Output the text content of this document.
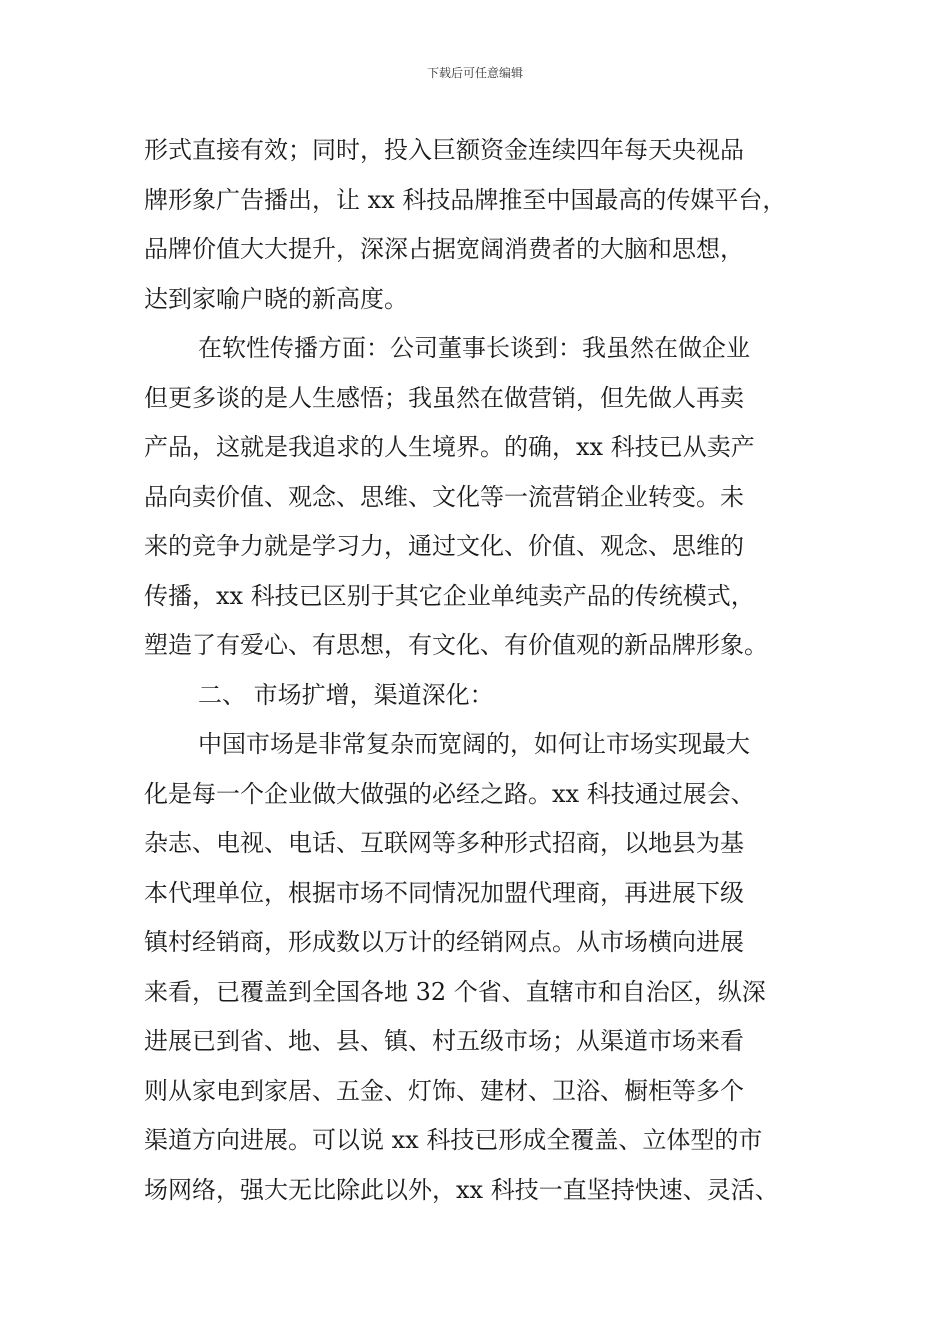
下载后可任意编辑
形式直接有效；同时，投入巨额资金连续四年每天央视品
牌形象广告播出，让 xx 科技品牌推至中国最高的传媒平台，
品牌价值大大提升，深深占据宽阔消费者的大脑和思想，
达到家喻户晓的新高度。
在软性传播方面：公司董事长谈到：我虽然在做企业
但更多谈的是人生感悟；我虽然在做营销，但先做人再卖
产品，这就是我追求的人生境界。的确，xx 科技已从卖产
品向卖价值、观念、思维、文化等一流营销企业转变。未
来的竞争力就是学习力，通过文化、价值、观念、思维的
传播，xx 科技已区别于其它企业单纯卖产品的传统模式，
塑造了有爱心、有思想，有文化、有价值观的新品牌形象。
二、 市场扩增，渠道深化：
中国市场是非常复杂而宽阔的，如何让市场实现最大
化是每一个企业做大做强的必经之路。xx 科技通过展会、
杂志、电视、电话、互联网等多种形式招商，以地县为基
本代理单位，根据市场不同情况加盟代理商，再进展下级
镇村经销商，形成数以万计的经销网点。从市场横向进展
来看，已覆盖到全国各地 32 个省、直辖市和自治区，纵深
进展已到省、地、县、镇、村五级市场；从渠道市场来看
则从家电到家居、五金、灯饰、建材、卫浴、橱柜等多个
渠道方向进展。可以说 xx 科技已形成全覆盖、立体型的市
场网络，强大无比除此以外，xx 科技一直坚持快速、灵活、
